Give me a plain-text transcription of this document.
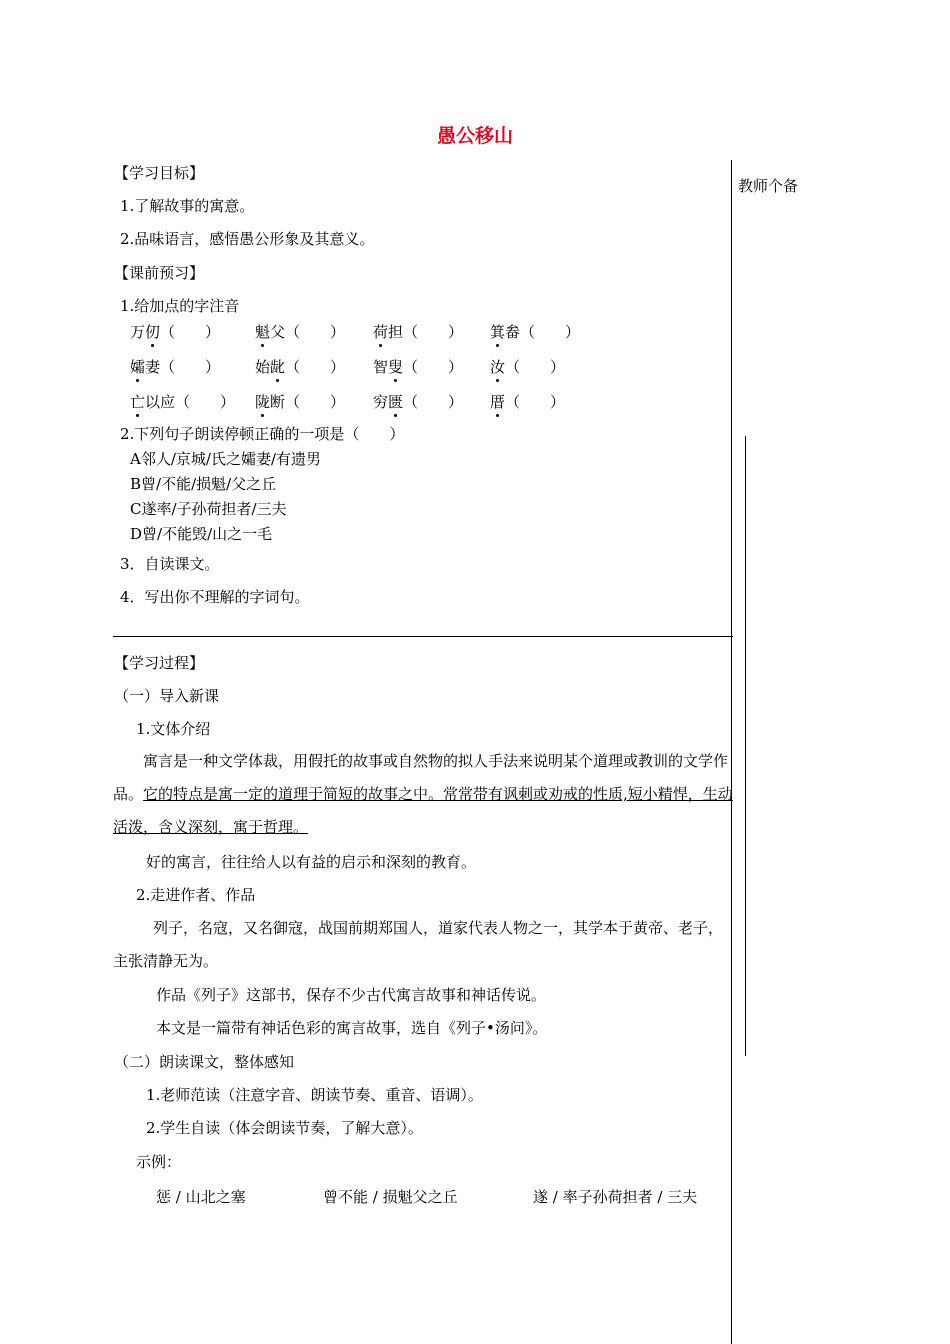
愚公移山
教师个备
【学习目标】
1.了解故事的寓意。
2.品味语言，感悟愚公形象及其意义。
【课前预习】
1.给加点的字注音
万仞（　　） 魁父（　　） 荷担（　　） 箕畚（　　）
孀妻（　　） 始龀（　　） 智叟（　　） 汝（　　）
亡以应（　　） 陇断（　　） 穷匮（　　） 厝（　　）
2.下列句子朗读停顿正确的一项是（　　）
A邻人/京城/氏之孀妻/有遗男
B曾/不能/损魁/父之丘
C遂率/子孙荷担者/三夫
D曾/不能毁/山之一毛
3．自读课文。
4．写出你不理解的字词句。
【学习过程】
（一）导入新课
1.文体介绍
寓言是一种文学体裁，用假托的故事或自然物的拟人手法来说明某个道理或教训的文学作品。它的特点是寓一定的道理于简短的故事之中。常常带有讽刺或劝戒的性质,短小精悍，生动活泼，含义深刻，寓于哲理。
好的寓言，往往给人以有益的启示和深刻的教育。
2.走进作者、作品
列子，名寇，又名御寇，战国前期郑国人，道家代表人物之一，其学本于黄帝、老子，主张清静无为。
作品《列子》这部书，保存不少古代寓言故事和神话传说。
本文是一篇带有神话色彩的寓言故事，选自《列子•汤问》。
（二）朗读课文，整体感知
1.老师范读（注意字音、朗读节奏、重音、语调）。
2.学生自读（体会朗读节奏，了解大意）。
示例：
惩 / 山北之塞	曾不能 / 损魁父之丘	遂 / 率子孙荷担者 / 三夫
